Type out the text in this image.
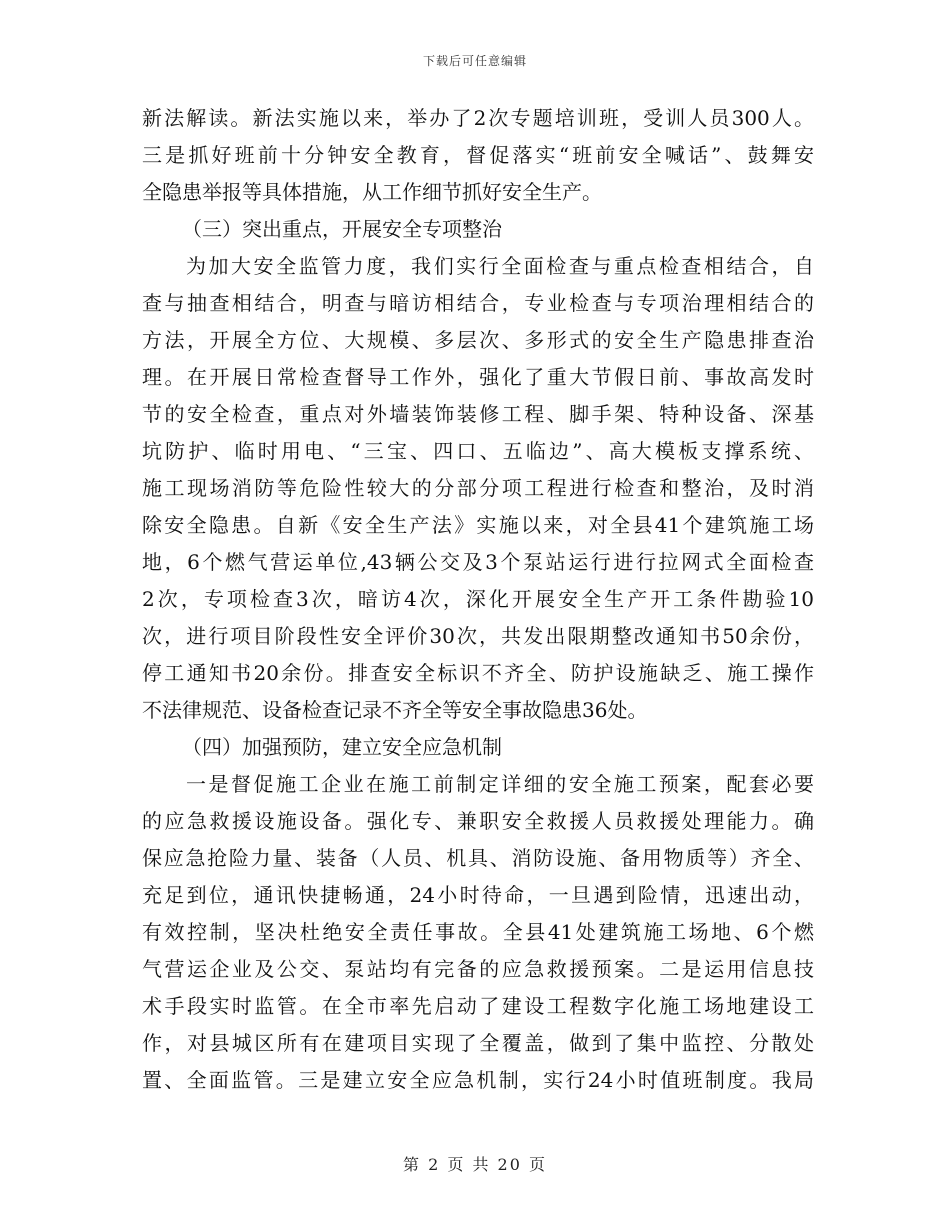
下载后可任意编辑
新法解读。新法实施以来，举办了2次专题培训班，受训人员300人。
三是抓好班前十分钟安全教育，督促落实“班前安全喊话”、鼓舞安
全隐患举报等具体措施，从工作细节抓好安全生产。
（三）突出重点，开展安全专项整治
为加大安全监管力度，我们实行全面检查与重点检查相结合，自
查与抽查相结合，明查与暗访相结合，专业检查与专项治理相结合的
方法，开展全方位、大规模、多层次、多形式的安全生产隐患排查治
理。在开展日常检查督导工作外，强化了重大节假日前、事故高发时
节的安全检查，重点对外墙装饰装修工程、脚手架、特种设备、深基
坑防护、临时用电、“三宝、四口、五临边”、高大模板支撑系统、
施工现场消防等危险性较大的分部分项工程进行检查和整治，及时消
除安全隐患。自新《安全生产法》实施以来，对全县41个建筑施工场
地，6个燃气营运单位,43辆公交及3个泵站运行进行拉网式全面检查
2次，专项检查3次，暗访4次，深化开展安全生产开工条件勘验10
次，进行项目阶段性安全评价30次，共发出限期整改通知书50余份，
停工通知书20余份。排查安全标识不齐全、防护设施缺乏、施工操作
不法律规范、设备检查记录不齐全等安全事故隐患36处。
（四）加强预防，建立安全应急机制
一是督促施工企业在施工前制定详细的安全施工预案，配套必要
的应急救援设施设备。强化专、兼职安全救援人员救援处理能力。确
保应急抢险力量、装备（人员、机具、消防设施、备用物质等）齐全、
充足到位，通讯快捷畅通，24小时待命，一旦遇到险情，迅速出动，
有效控制，坚决杜绝安全责任事故。全县41处建筑施工场地、6个燃
气营运企业及公交、泵站均有完备的应急救援预案。二是运用信息技
术手段实时监管。在全市率先启动了建设工程数字化施工场地建设工
作，对县城区所有在建项目实现了全覆盖，做到了集中监控、分散处
置、全面监管。三是建立安全应急机制，实行24小时值班制度。我局
第 2 页 共 20 页
